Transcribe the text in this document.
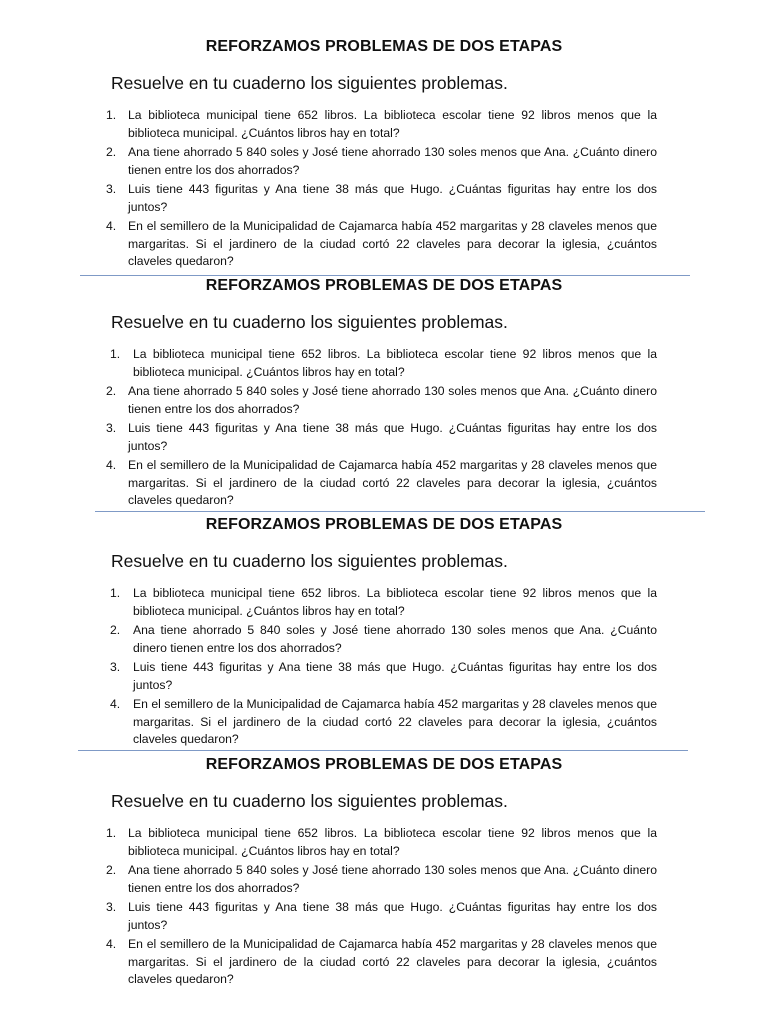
REFORZAMOS PROBLEMAS DE DOS ETAPAS
Resuelve en tu cuaderno los siguientes problemas.
1. La biblioteca municipal tiene 652 libros. La biblioteca escolar tiene 92 libros menos que la biblioteca municipal. ¿Cuántos libros hay en total?
2. Ana tiene ahorrado 5 840 soles y José tiene ahorrado 130 soles menos que Ana. ¿Cuánto dinero tienen entre los dos ahorrados?
3. Luis tiene 443 figuritas y Ana tiene 38 más que Hugo. ¿Cuántas figuritas hay entre los dos juntos?
4. En el semillero de la Municipalidad de Cajamarca había 452 margaritas y 28 claveles menos que margaritas. Si el jardinero de la ciudad cortó 22 claveles para decorar la iglesia, ¿cuántos claveles quedaron?
REFORZAMOS PROBLEMAS DE DOS ETAPAS
Resuelve en tu cuaderno los siguientes problemas.
1.	La biblioteca municipal tiene 652 libros. La biblioteca escolar tiene 92 libros menos que la biblioteca municipal. ¿Cuántos libros hay en total?
2. Ana tiene ahorrado 5 840 soles y José tiene ahorrado 130 soles menos que Ana. ¿Cuánto dinero tienen entre los dos ahorrados?
3. Luis tiene 443 figuritas y Ana tiene 38 más que Hugo. ¿Cuántas figuritas hay entre los dos juntos?
4. En el semillero de la Municipalidad de Cajamarca había 452 margaritas y 28 claveles menos que margaritas. Si el jardinero de la ciudad cortó 22 claveles para decorar la iglesia, ¿cuántos claveles quedaron?
REFORZAMOS PROBLEMAS DE DOS ETAPAS
Resuelve en tu cuaderno los siguientes problemas.
1.	La biblioteca municipal tiene 652 libros. La biblioteca escolar tiene 92 libros menos que la biblioteca municipal. ¿Cuántos libros hay en total?
2.	Ana tiene ahorrado 5 840 soles y José tiene ahorrado 130 soles menos que Ana. ¿Cuánto dinero tienen entre los dos ahorrados?
3.	Luis tiene 443 figuritas y Ana tiene 38 más que Hugo. ¿Cuántas figuritas hay entre los dos juntos?
4.	En el semillero de la Municipalidad de Cajamarca había 452 margaritas y 28 claveles menos que margaritas. Si el jardinero de la ciudad cortó 22 claveles para decorar la iglesia, ¿cuántos claveles quedaron?
REFORZAMOS PROBLEMAS DE DOS ETAPAS
Resuelve en tu cuaderno los siguientes problemas.
1. La biblioteca municipal tiene 652 libros. La biblioteca escolar tiene 92 libros menos que la biblioteca municipal. ¿Cuántos libros hay en total?
2. Ana tiene ahorrado 5 840 soles y José tiene ahorrado 130 soles menos que Ana. ¿Cuánto dinero tienen entre los dos ahorrados?
3. Luis tiene 443 figuritas y Ana tiene 38 más que Hugo. ¿Cuántas figuritas hay entre los dos juntos?
4. En el semillero de la Municipalidad de Cajamarca había 452 margaritas y 28 claveles menos que margaritas. Si el jardinero de la ciudad cortó 22 claveles para decorar la iglesia, ¿cuántos claveles quedaron?
